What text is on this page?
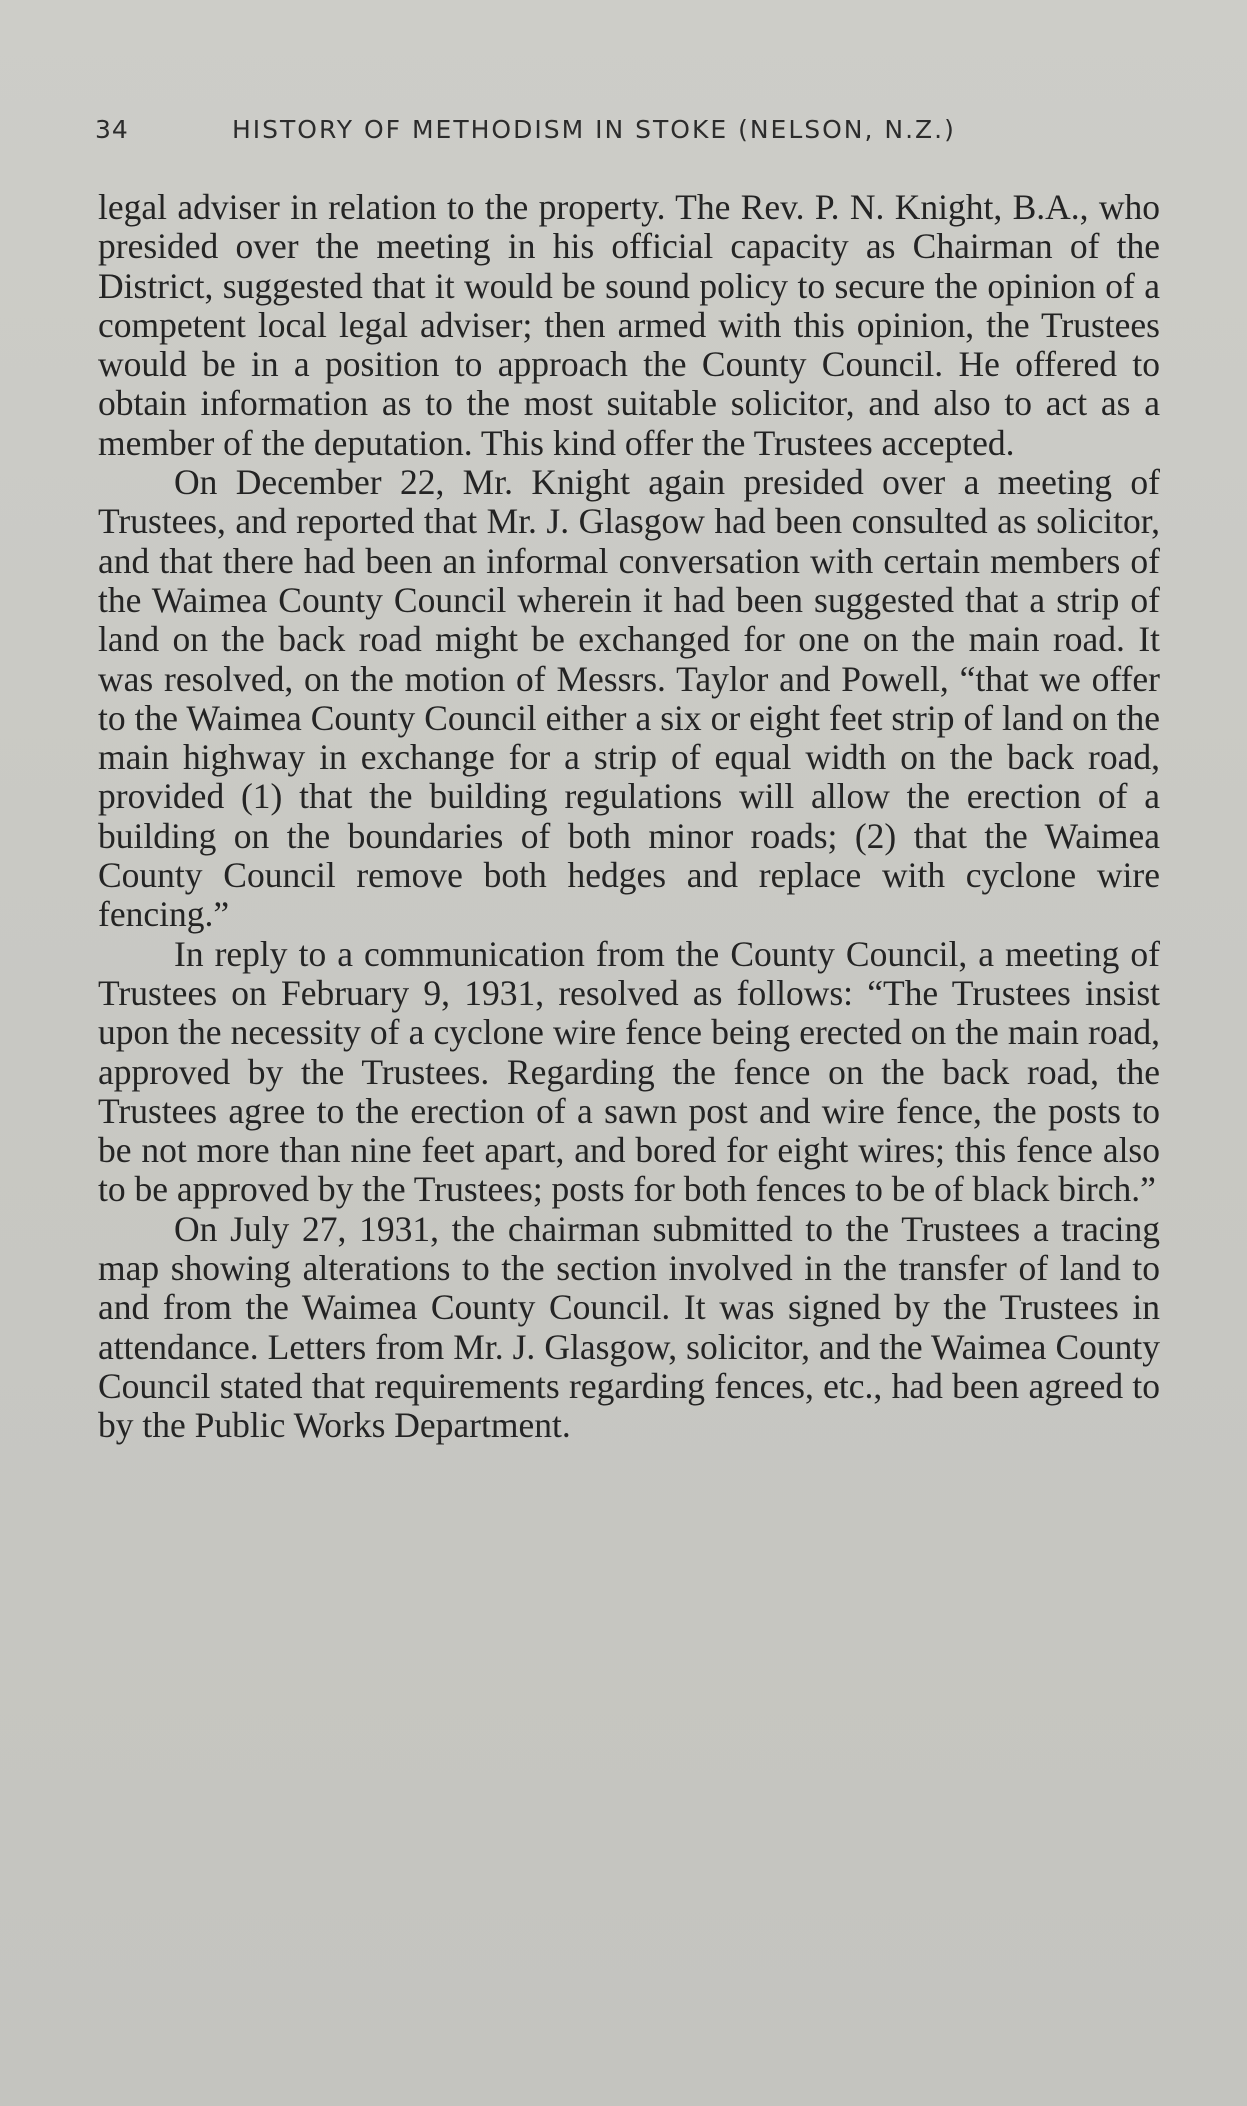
34	HISTORY OF METHODISM IN STOKE (NELSON, N.Z.)

legal adviser in relation to the property. The Rev. P. N. Knight, B.A., who presided over the meeting in his official capacity as Chairman of the District, suggested that it would be sound policy to secure the opinion of a competent local legal adviser; then armed with this opinion, the Trustees would be in a position to approach the County Council. He offered to obtain information as to the most suitable solicitor, and also to act as a member of the deputation. This kind offer the Trustees accepted.

On December 22, Mr. Knight again presided over a meeting of Trustees, and reported that Mr. J. Glasgow had been consulted as solicitor, and that there had been an informal conversation with certain members of the Waimea County Council wherein it had been suggested that a strip of land on the back road might be exchanged for one on the main road. It was resolved, on the motion of Messrs. Taylor and Powell, “that we offer to the Waimea County Council either a six or eight feet strip of land on the main highway in exchange for a strip of equal width on the back road, provided (1) that the building regulations will allow the erection of a building on the boundaries of both minor roads; (2) that the Waimea County Council remove both hedges and replace with cyclone wire fencing.”

In reply to a communication from the County Council, a meeting of Trustees on February 9, 1931, resolved as follows: “The Trustees insist upon the necessity of a cyclone wire fence being erected on the main road, approved by the Trustees. Regarding the fence on the back road, the Trustees agree to the erection of a sawn post and wire fence, the posts to be not more than nine feet apart, and bored for eight wires; this fence also to be approved by the Trustees; posts for both fences to be of black birch.”

On July 27, 1931, the chairman submitted to the Trustees a tracing map showing alterations to the section involved in the transfer of land to and from the Waimea County Council. It was signed by the Trustees in attendance. Letters from Mr. J. Glasgow, solicitor, and the Waimea County Council stated that requirements regarding fences, etc., had been agreed to by the Public Works Department.
